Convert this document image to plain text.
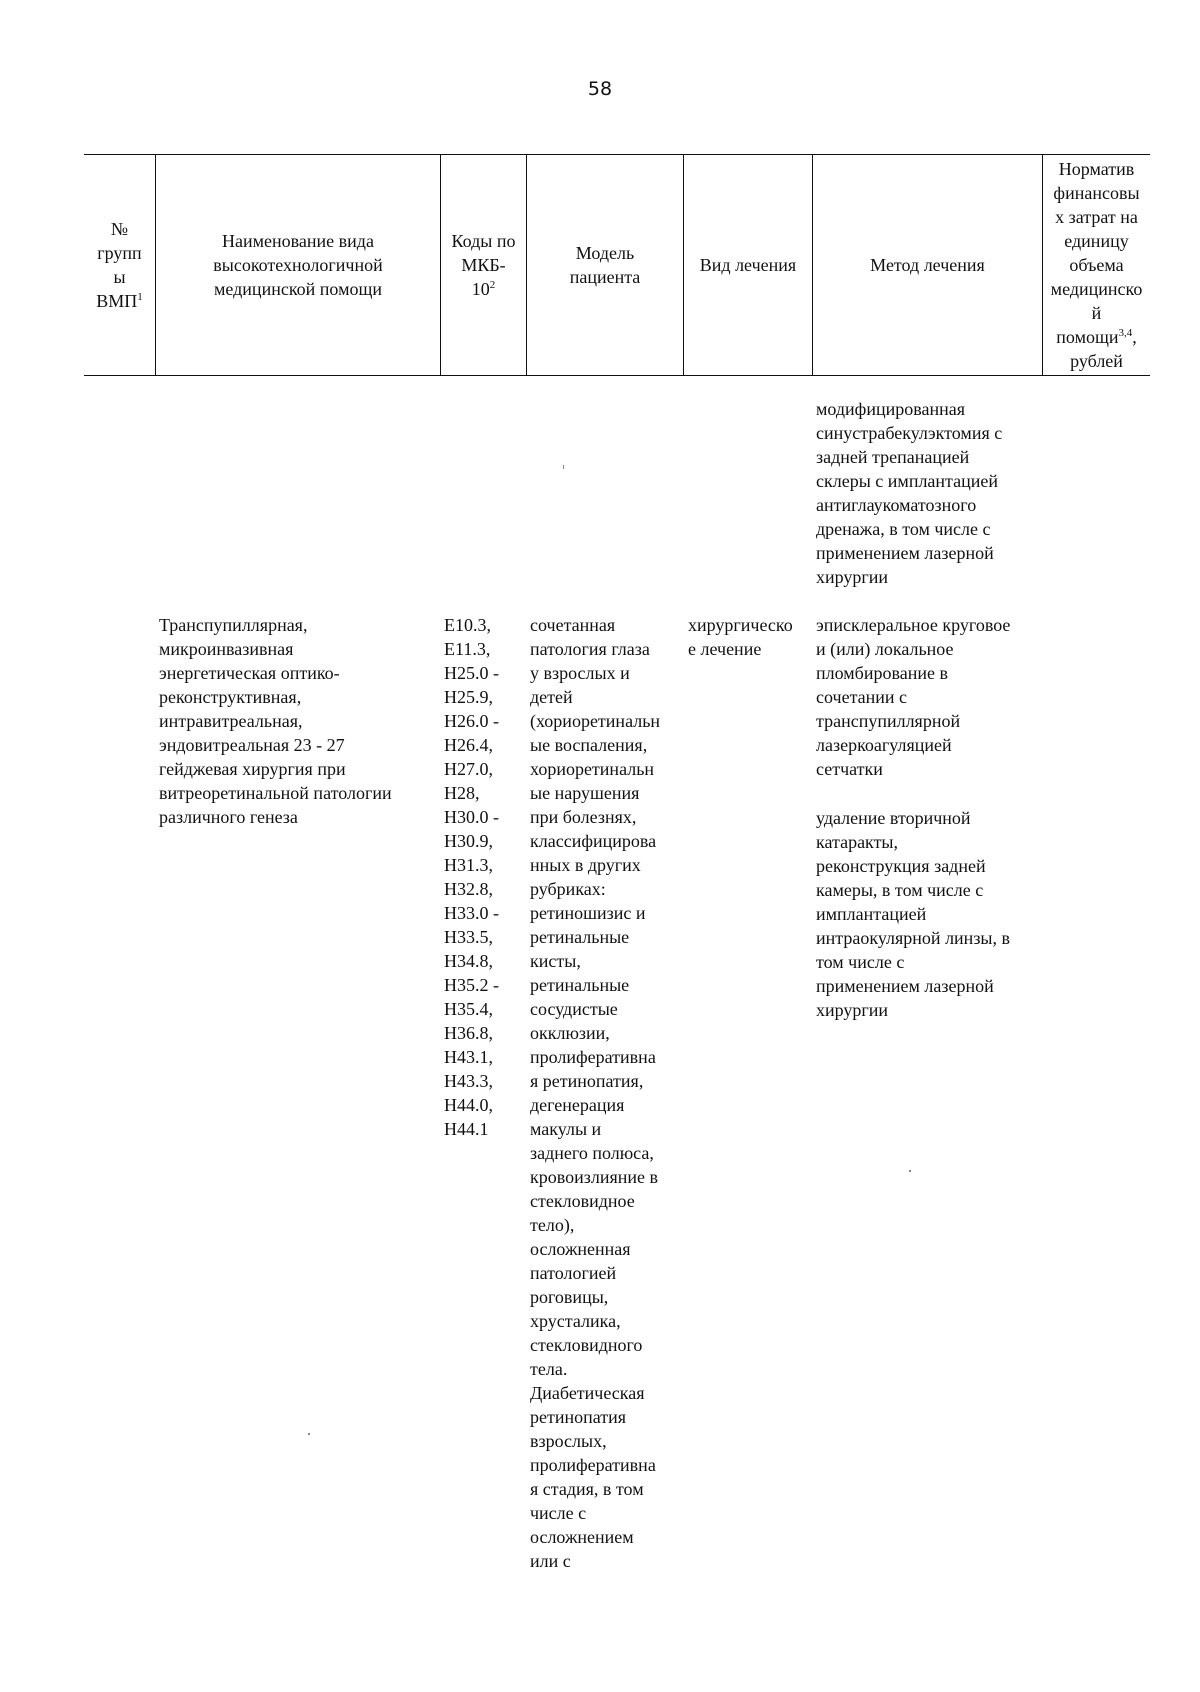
58
№
групп
ы
ВМП$^1$
Наименование вида
высокотехнологичной
медицинской помощи
Коды по
МКБ-
$10^2$
Модель
пациента
Вид лечения	Метод лечения
Норматив
финансовы
х затрат на
единицу
объема
медицинско
й
помощи$^{3,4}$,
рублей
модифицированная
синустрабекулэктомия с
задней трепанацией
склеры с имплантацией
антиглаукоматозного
дренажа, в том числе с
применением лазерной
хирургии
Транспупиллярная,
микроинвазивная
энергетическая оптико-
реконструктивная,
интравитреальная,
эндовитреальная 23 - 27
гейджевая хирургия при
витреоретинальной патологии
различного генеза
Е10.3,
Е11.3,
Н25.0 -
Н25.9,
Н26.0 -
Н26.4,
Н27.0,
Н28,
Н30.0 -
Н30.9,
Н31.3,
Н32.8,
Н33.0 -
Н33.5,
Н34.8,
Н35.2 -
Н35.4,
Н36.8,
Н43.1,
Н43.3,
Н44.0,
Н44.1
сочетанная
патология глаза
у взрослых и
детей
(хориоретинальн
ые воспаления,
хориоретинальн
ые нарушения
при болезнях,
классифицирова
нных в других
рубриках:
ретиношизис и
ретинальные
кисты,
ретинальные
сосудистые
окклюзии,
пролиферативна
я ретинопатия,
дегенерация
макулы и
заднего полюса,
кровоизлияние в
стекловидное
тело),
осложненная
патологией
роговицы,
хрусталика,
стекловидного
тела.
Диабетическая
ретинопатия
взрослых,
пролиферативна
я стадия, в том
числе с
осложнением
или с
хирургическо
е лечение
эписклеральное круговое
и (или) локальное
пломбирование в
сочетании с
транспупиллярной
лазеркоагуляцией
сетчатки
удаление вторичной
катаракты,
реконструкция задней
камеры, в том числе с
имплантацией
интраокулярной линзы, в
том числе с
применением лазерной
хирургии
